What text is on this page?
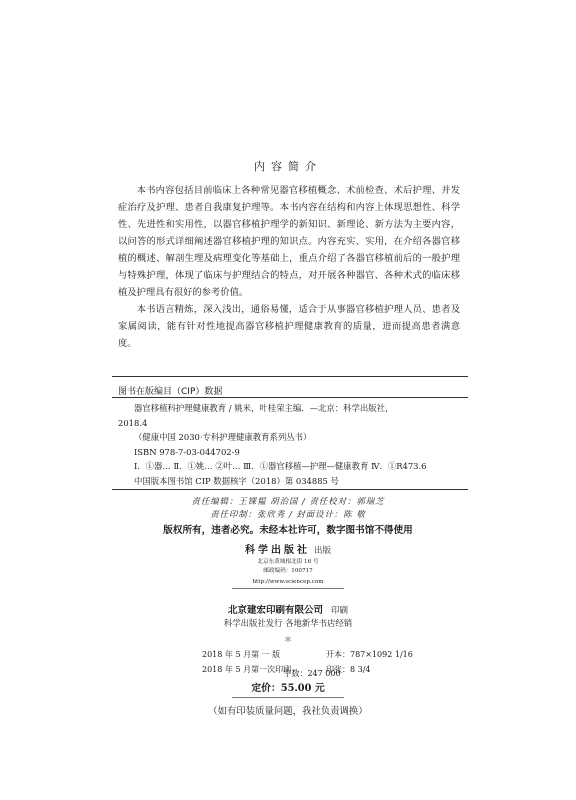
内容简介

本书内容包括目前临床上各种常见器官移植概念、术前检查、术后护理、并发症治疗及护理、患者自我康复护理等。本书内容在结构和内容上体现思想性、科学性、先进性和实用性，以器官移植护理学的新知识、新理论、新方法为主要内容，以问答的形式详细阐述器官移植护理的知识点。内容充实、实用，在介绍各器官移植的概述、解剖生理及病理变化等基础上，重点介绍了各器官移植前后的一般护理与特殊护理，体现了临床与护理结合的特点，对开展各种器官、各种术式的临床移植及护理具有很好的参考价值。

本书语言精炼，深入浅出，通俗易懂，适合于从事器官移植护理人员、患者及家属阅读，能有针对性地提高器官移植护理健康教育的质量，进而提高患者满意度。

图书在版编目（CIP）数据
器官移植科护理健康教育 / 姚米，叶桂荣主编．—北京：科学出版社，
2018.4
（健康中国 2030·专科护理健康教育系列丛书）
ISBN 978-7-03-044702-9
Ⅰ．①器… Ⅱ．①姚… ②叶… Ⅲ．①器官移植—护理—健康教育 Ⅳ．①R473.6
中国版本图书馆 CIP 数据核字（2018）第 034885 号
责任编辑：王锞韫 胡治国 / 责任校对：郭瑞芝
责任印制：张欣秀 / 封面设计：陈 敬
版权所有，违者必究。未经本社许可，数字图书馆不得使用
科学出版社 出版
北京东黄城根北街 16 号
邮政编码：100717
http://www.sciencep.com
北京建宏印刷有限公司 印刷
科学出版社发行 各地新华书店经销
＊
2018 年 5 月第 一 版	开本：787×1092 1/16
2018 年 5 月第一次印刷	印张：8 3/4
字数：247 000
定价：55.00 元
（如有印装质量问题，我社负责调换）
